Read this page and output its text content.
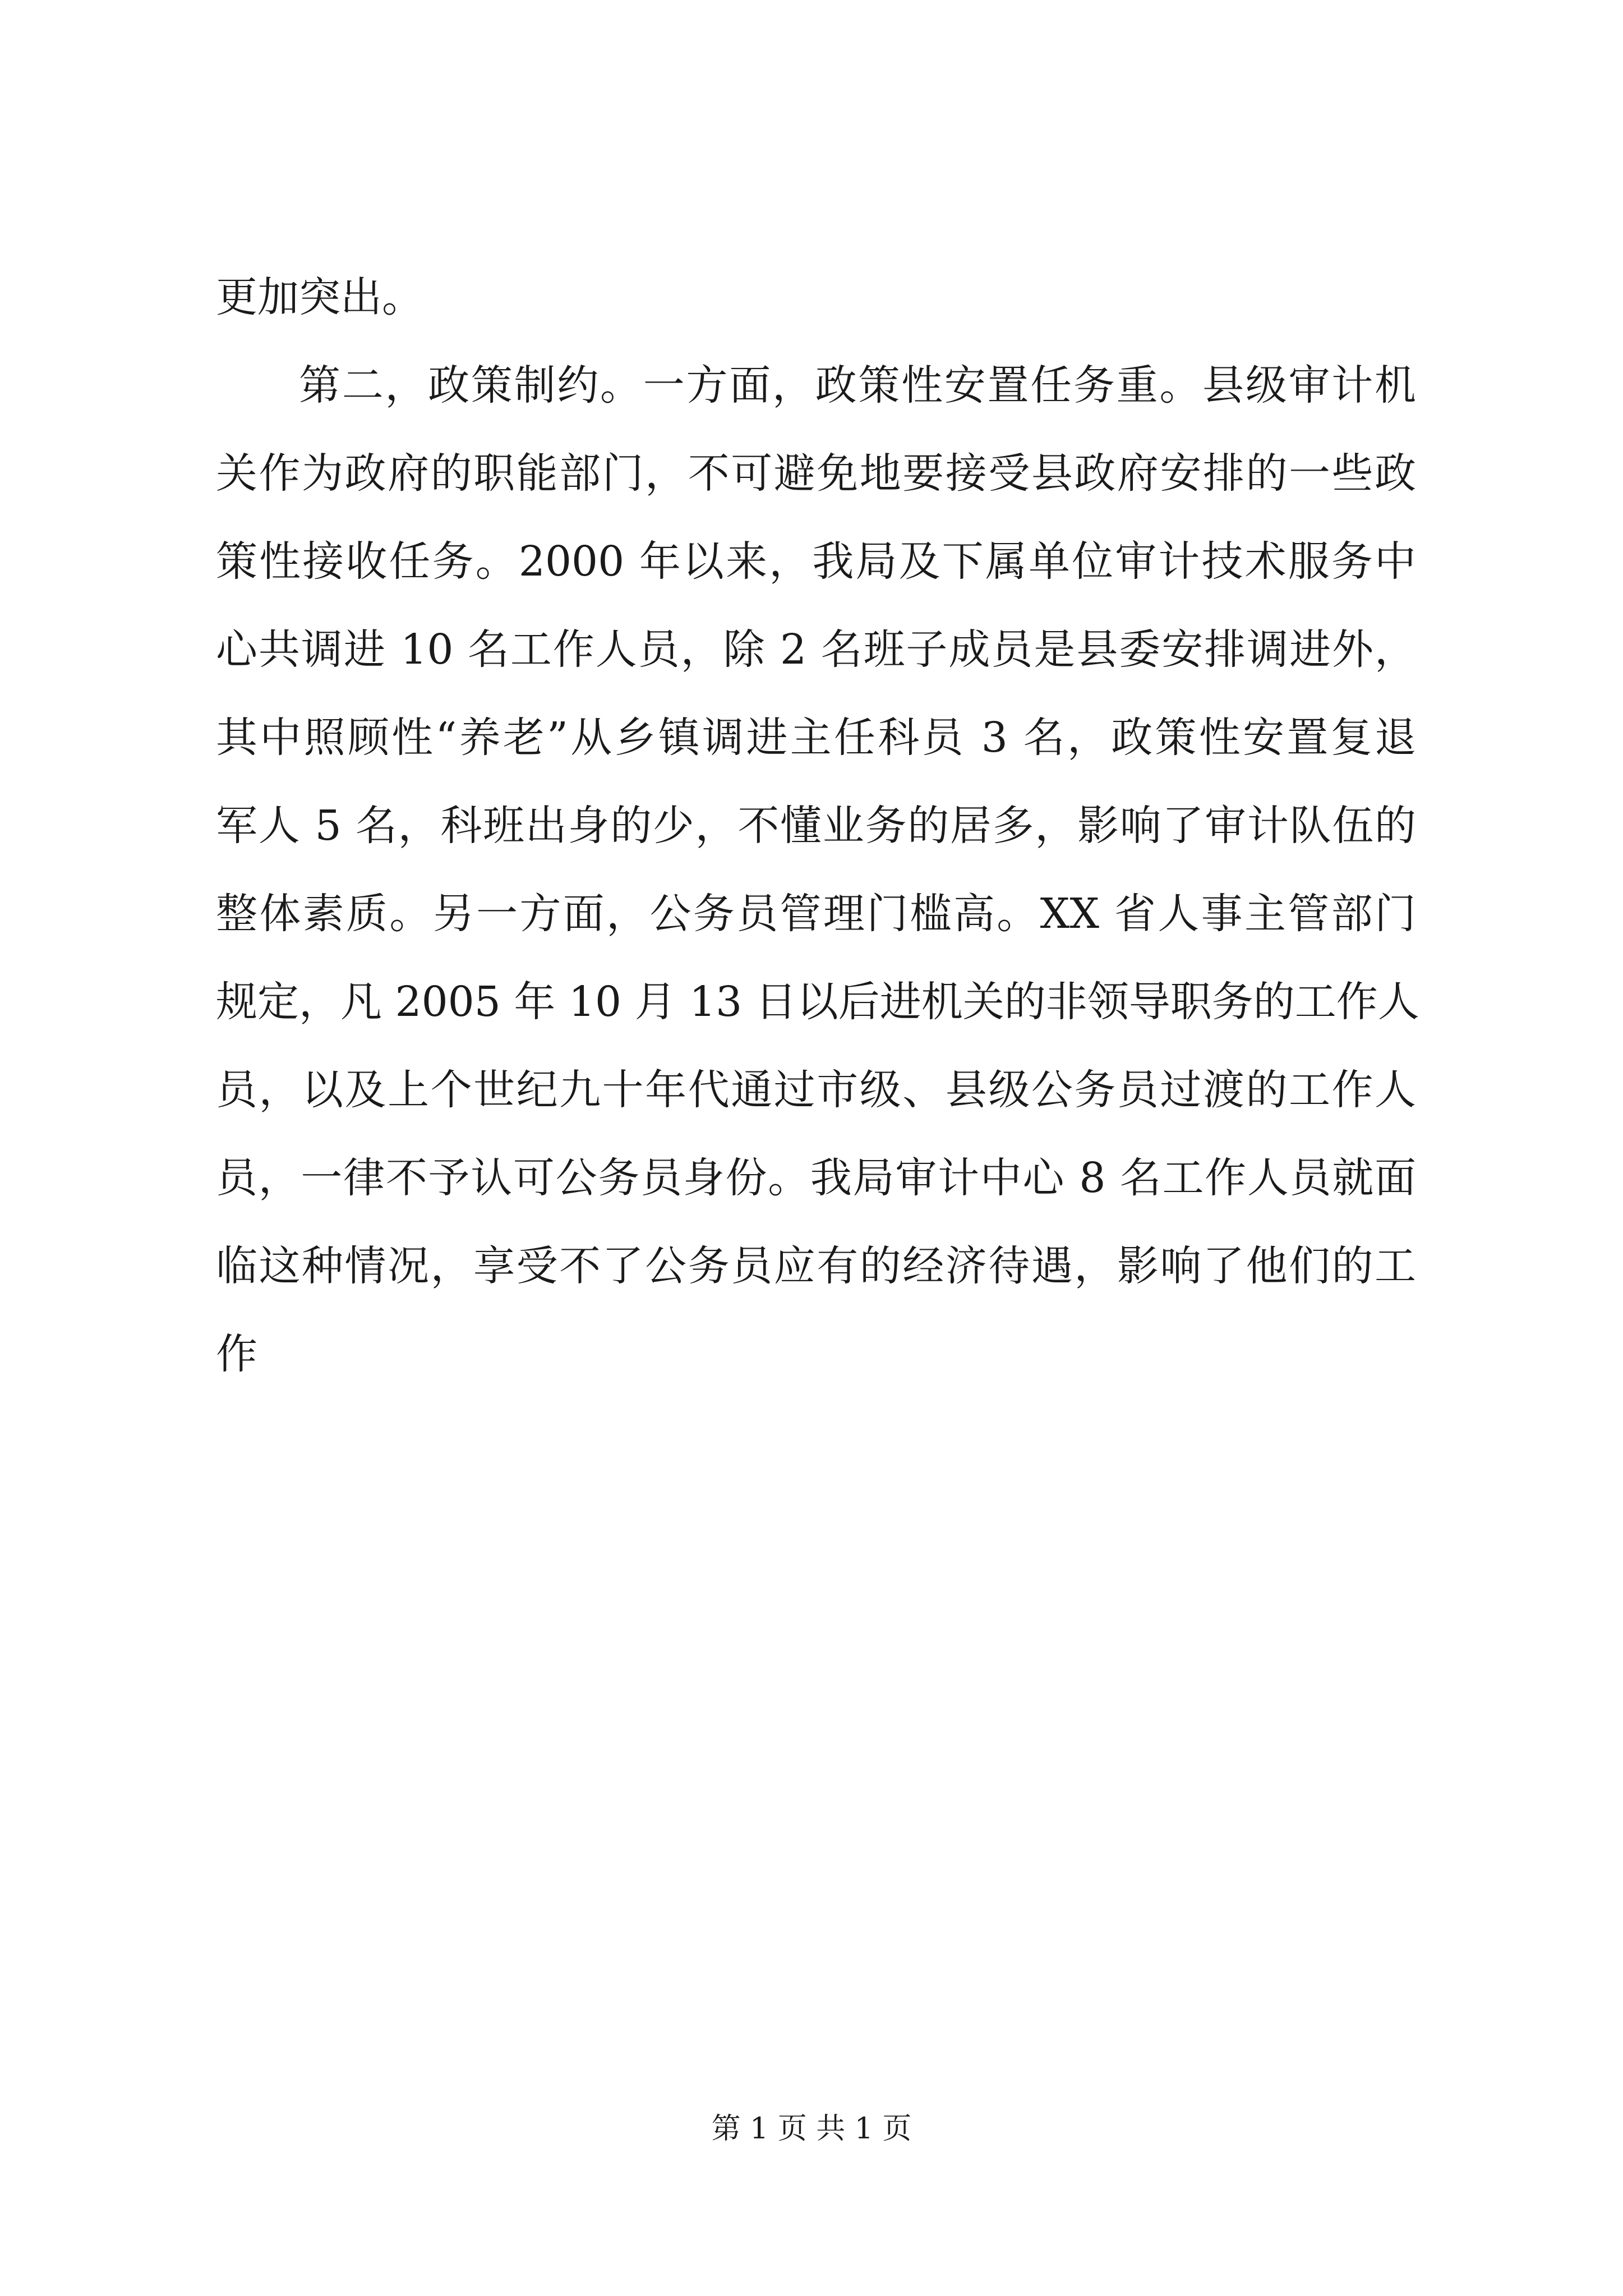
更加突出。
第二，政策制约。一方面，政策性安置任务重。县级审计机
关作为政府的职能部门，不可避免地要接受县政府安排的一些政
策性接收任务。2000 年以来，我局及下属单位审计技术服务中
心共调进 10 名工作人员，除 2 名班子成员是县委安排调进外，
其中照顾性“养老”从乡镇调进主任科员 3 名，政策性安置复退
军人 5 名，科班出身的少，不懂业务的居多，影响了审计队伍的
整体素质。另一方面，公务员管理门槛高。XX 省人事主管部门
规定，凡 2005 年 10 月 13 日以后进机关的非领导职务的工作人
员，以及上个世纪九十年代通过市级、县级公务员过渡的工作人
员，一律不予认可公务员身份。我局审计中心 8 名工作人员就面
临这种情况，享受不了公务员应有的经济待遇，影响了他们的工
作
第 1 页 共 1 页
